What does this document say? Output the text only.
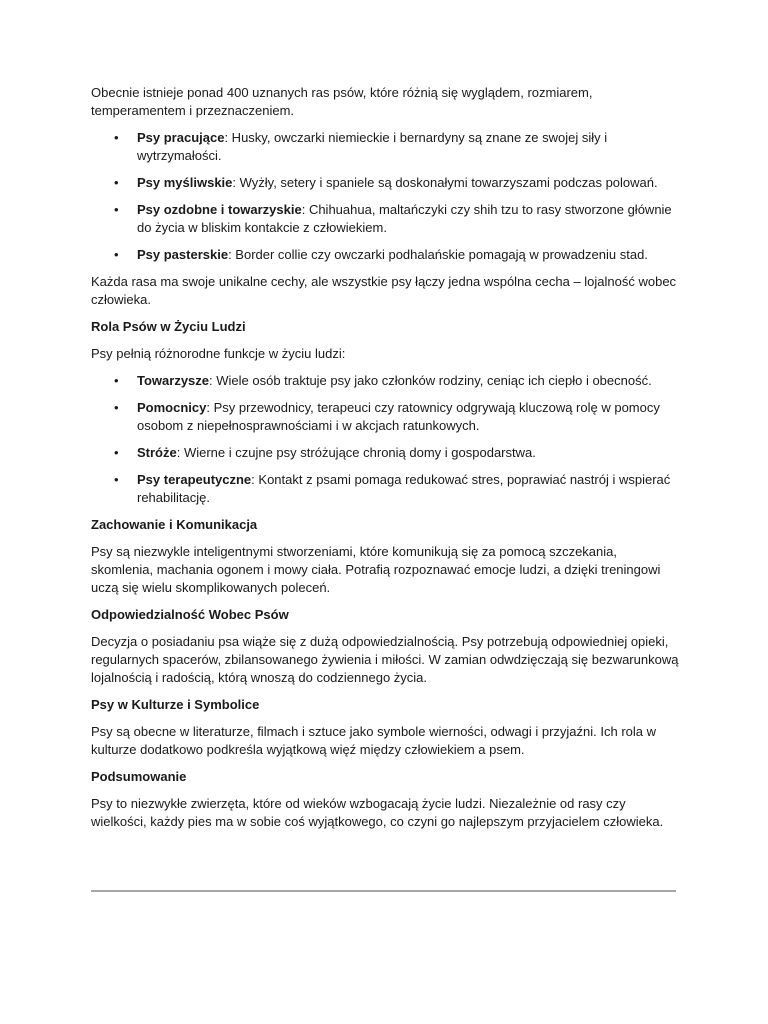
Obecnie istnieje ponad 400 uznanych ras psów, które różnią się wyglądem, rozmiarem, temperamentem i przeznaczeniem.

• Psy pracujące: Husky, owczarki niemieckie i bernardyny są znane ze swojej siły i wytrzymałości.
• Psy myśliwskie: Wyżły, setery i spaniele są doskonałymi towarzyszami podczas polowań.
• Psy ozdobne i towarzyskie: Chihuahua, maltańczyki czy shih tzu to rasy stworzone głównie do życia w bliskim kontakcie z człowiekiem.
• Psy pasterskie: Border collie czy owczarki podhalańskie pomagają w prowadzeniu stad.

Każda rasa ma swoje unikalne cechy, ale wszystkie psy łączy jedna wspólna cecha – lojalność wobec człowieka.

Rola Psów w Życiu Ludzi

Psy pełnią różnorodne funkcje w życiu ludzi:

• Towarzysze: Wiele osób traktuje psy jako członków rodziny, ceniąc ich ciepło i obecność.
• Pomocnicy: Psy przewodnicy, terapeuci czy ratownicy odgrywają kluczową rolę w pomocy osobom z niepełnosprawnościami i w akcjach ratunkowych.
• Stróże: Wierne i czujne psy stróżujące chronią domy i gospodarstwa.
• Psy terapeutyczne: Kontakt z psami pomaga redukować stres, poprawiać nastrój i wspierać rehabilitację.

Zachowanie i Komunikacja

Psy są niezwykle inteligentnymi stworzeniami, które komunikują się za pomocą szczekania, skomlenia, machania ogonem i mowy ciała. Potrafią rozpoznawać emocje ludzi, a dzięki treningowi uczą się wielu skomplikowanych poleceń.

Odpowiedzialność Wobec Psów

Decyzja o posiadaniu psa wiąże się z dużą odpowiedzialnością. Psy potrzebują odpowiedniej opieki, regularnych spacerów, zbilansowanego żywienia i miłości. W zamian odwdzięczają się bezwarunkową lojalnością i radością, którą wnoszą do codziennego życia.

Psy w Kulturze i Symbolice

Psy są obecne w literaturze, filmach i sztuce jako symbole wierności, odwagi i przyjaźni. Ich rola w kulturze dodatkowo podkreśla wyjątkową więź między człowiekiem a psem.

Podsumowanie

Psy to niezwykłe zwierzęta, które od wieków wzbogacają życie ludzi. Niezależnie od rasy czy wielkości, każdy pies ma w sobie coś wyjątkowego, co czyni go najlepszym przyjacielem człowieka.
